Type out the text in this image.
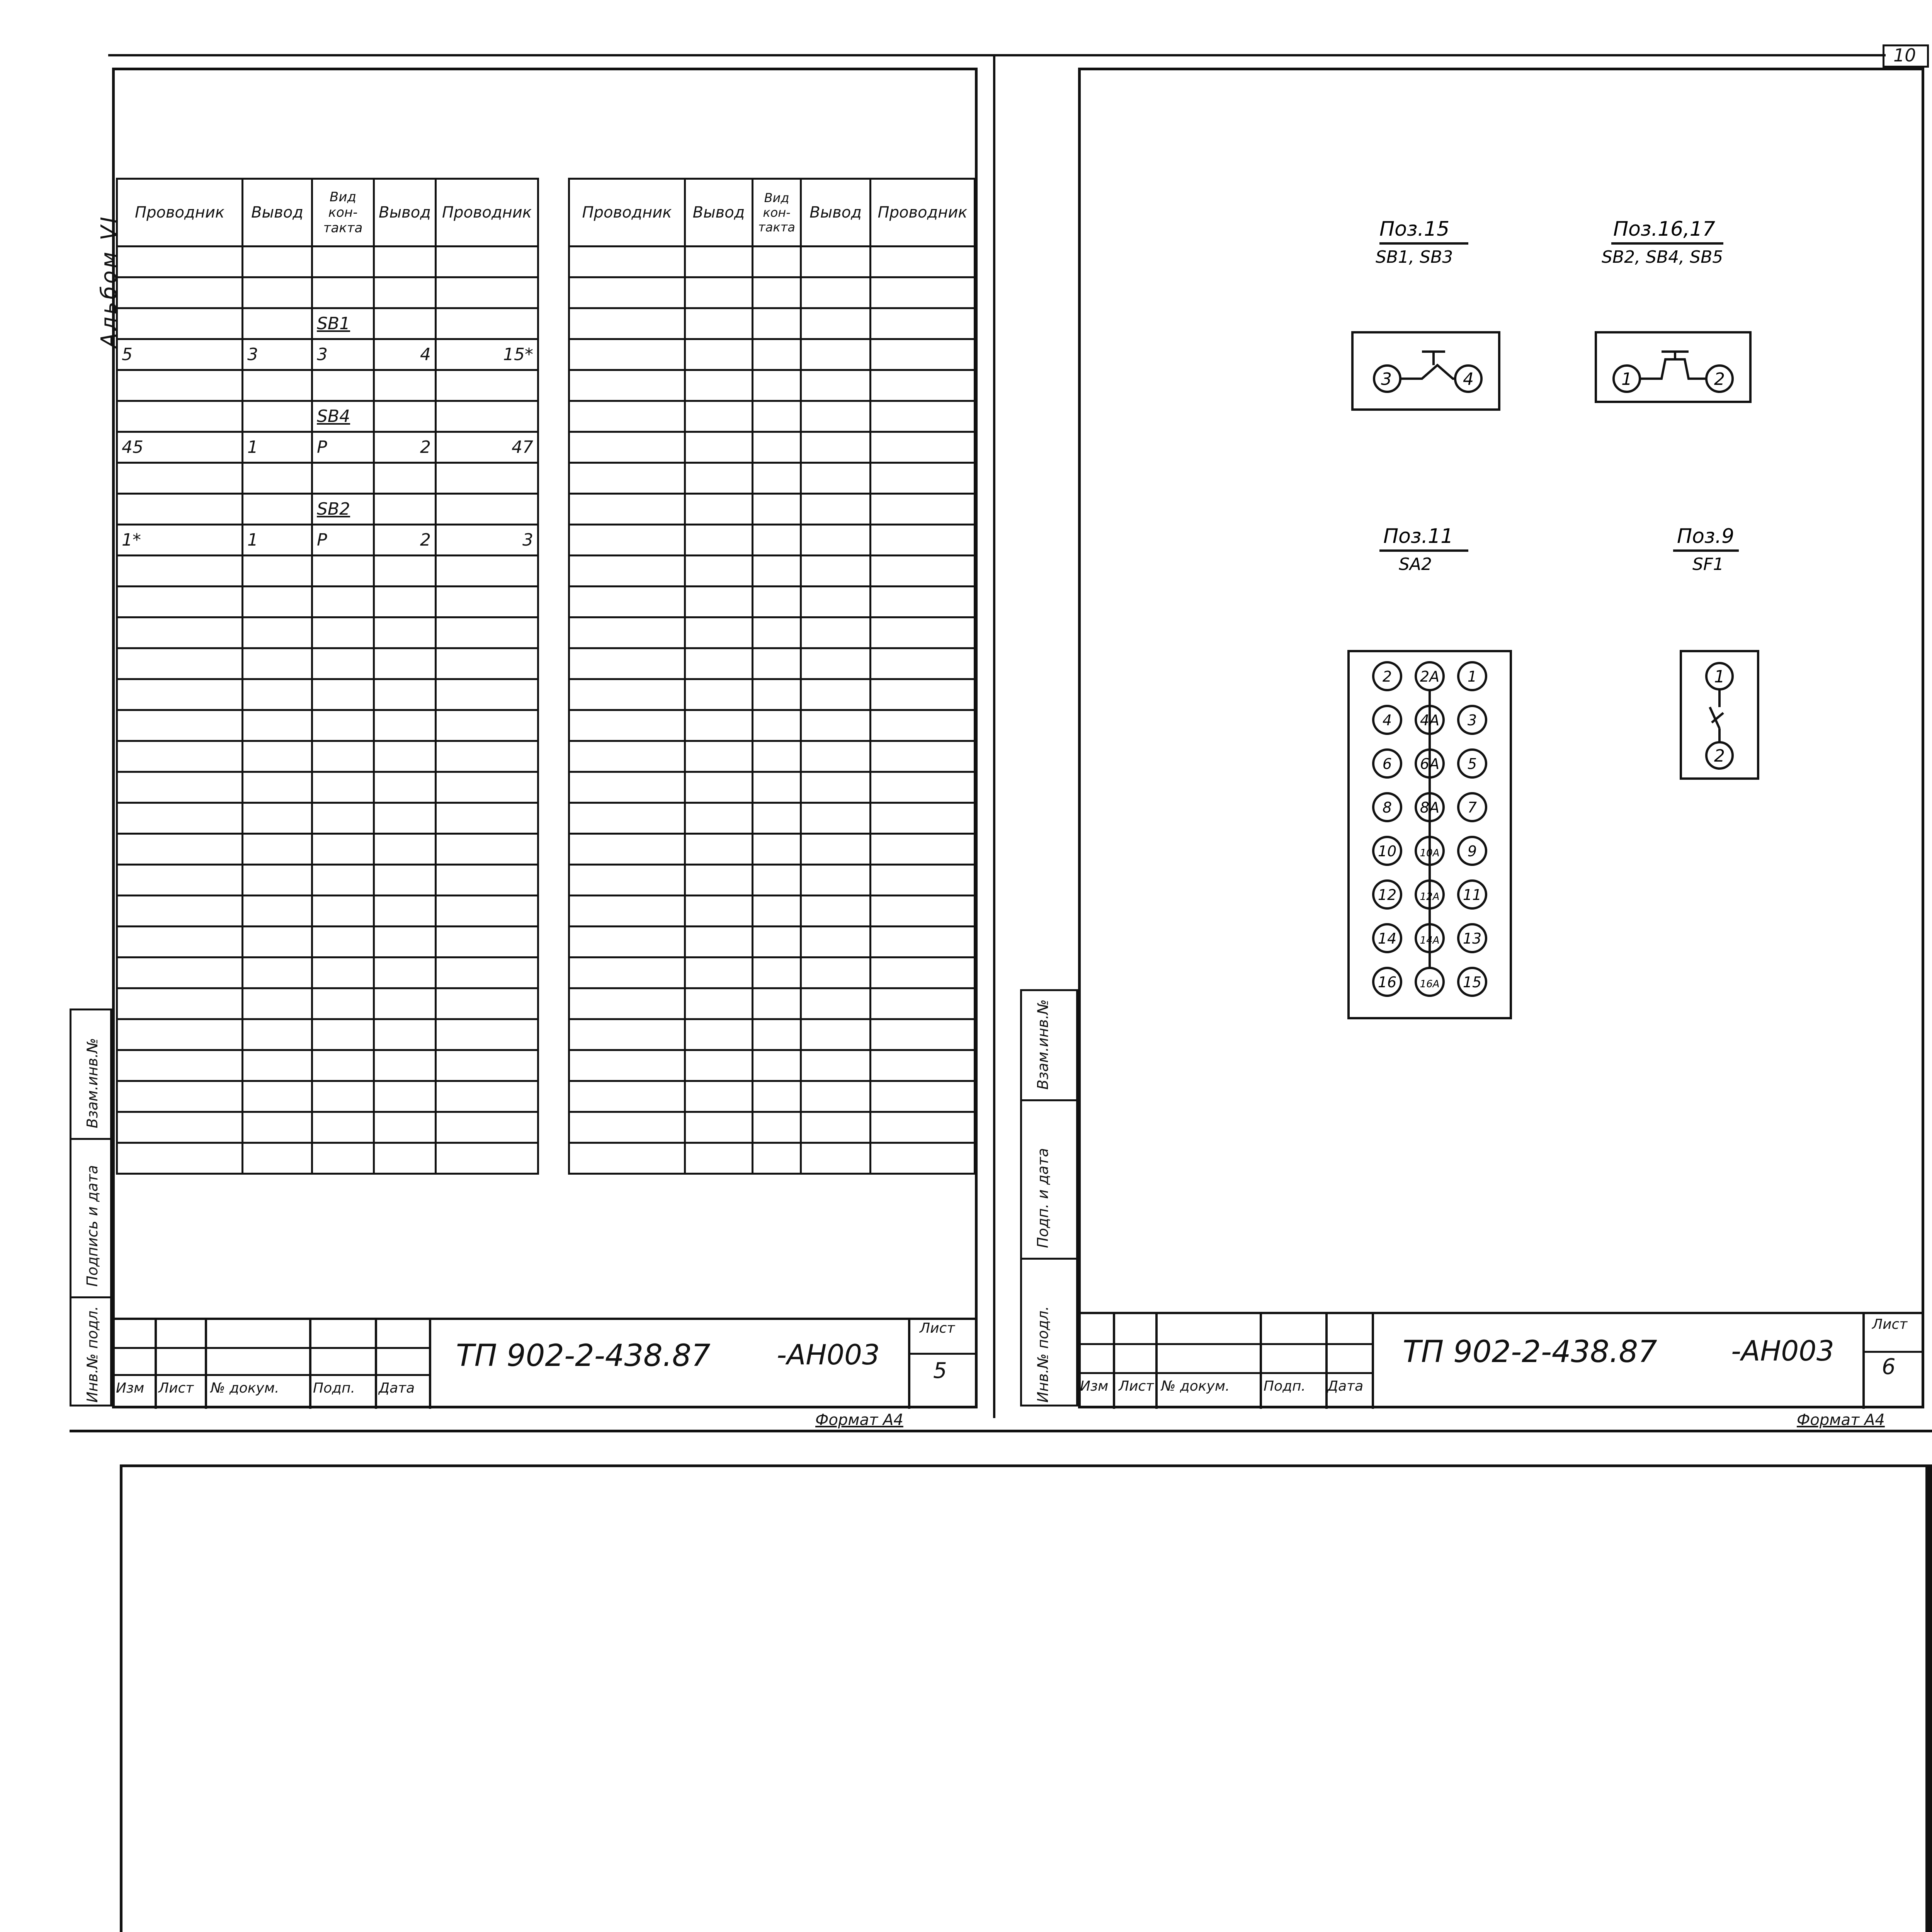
10
Альбом VI
Проводник	Вывод	Вид кон- такта	Вывод	Проводник

		SB1		
5	3	3	4	15*

		SB4		
45	1	Р	2	47

		SB2		
1*	1	Р	2	3

Проводник	Вывод	Вид кон- такта	Вывод	Проводник

Инв.№ подл.
Подпись и дата
Взам.инв.№
Изм Лист № докум. Подп. Дата
ТП 902-2-438.87 -АН003
Лист
5
Формат А4
Инв.№ подл.
Подп. и дата
Взам.инв.№
Изм Лист № докум. Подп. Дата
ТП 902-2-438.87	-АН003
Лист
6
Формат А4
2 2А 1
4 4А 3
6 6А 5
8 8А 7
10 10А 9
12 12А 11
14 14А 13
16 16А 15
Поз.15
SB1, SB3
3	4
Поз.16,17
SB2, SB4, SB5
1	2
Поз.11
SA2
Поз.9
SF1
1
2
